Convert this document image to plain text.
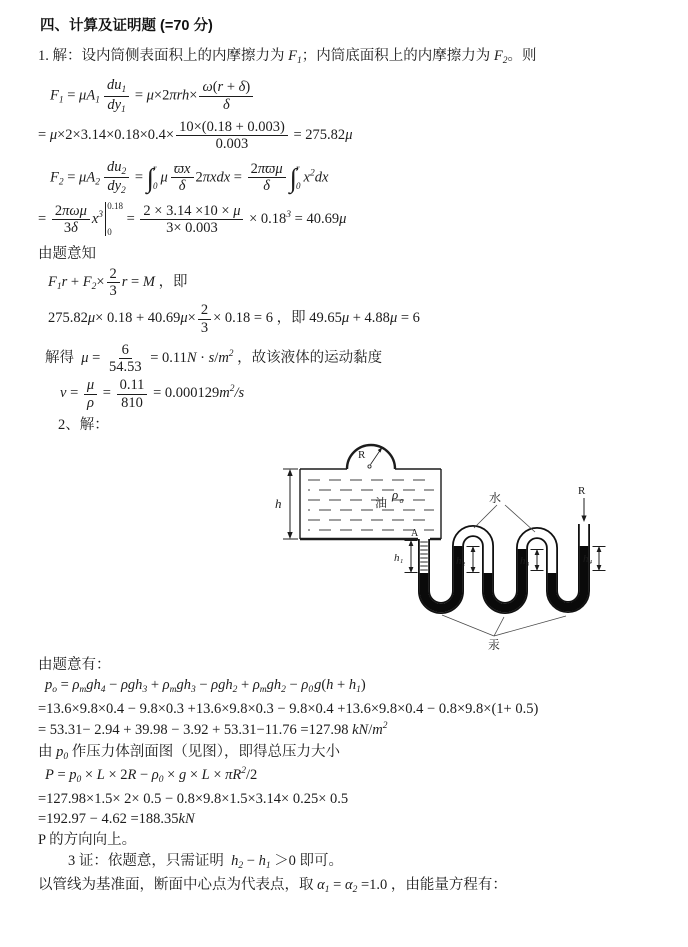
四、计算及证明题 (=70 分)
1. 解：设内筒侧表面积上的内摩擦力为 $F_1$；内筒底面积上的内摩擦力为 $F_2$。则
$F_1 = \mu A_1 \frac{du_1}{dy_1} = \mu\times 2\pi rh\times \frac{\omega(r + \delta)}{\delta}$
= $\mu\times 2\times 3.14\times 0.18\times 0.4\times \frac{10\times(0.18 + 0.003)}{0.003} = 275.82\mu$
$F_2 = \mu A_2 \frac{du_2}{dy_2}$ = ∫ r
0
μ $\frac{ϖx}{\delta} 2\pi xdx = \frac{\text{2πϖμ}}{\delta}$ ∫ r
0
$x^2dx$
= $\frac{\text{2πωμ}}{3\delta} x^3$
0.18
0
= $\frac{2 \times 3.14 \times 10 \times \mu}{3\times 0.003} \times 0.18^3 = 40.69\mu$
由题意知
$F_1r + F_2\times \frac{2}{3}$ r = M ，即
$275.82\mu\times 0.18 + 40.69\mu\times \frac{2}{3} \times 0.18 = 6$ ，即 49.65μ + 4.88μ = 6
解得  $\mu = \frac{6}{54.53} = 0.11N \cdot s/m^2$ ，故该液体的运动黏度
$\nu = \frac{\mu}{\rho} = \frac{0.11}{810} = 0.000129m^2/s$
2、解：
h
R
油
ρ o
A
h₁	h₂	h₃	h₄
水
汞
R
由题意有：
$p_o = \rho_mgh_4 - \rho gh_3 + \rho_mgh_3 - \rho gh_2 + \rho_mgh_2 - \rho_0g(h + h_1)$
=13.6×9.8×0.4 − 9.8×0.3 +13.6×9.8×0.3 − 9.8×0.4 +13.6×9.8×0.4 − 0.8×9.8×(1+ 0.5)
= 53.31− 2.94 + 39.98 − 3.92 + 53.31−11.76 =127.98 $kN/m^2$
由 $p_0$ 作压力体剖面图（见图），即得总压力大小
$P = p_0 \times L \times 2R - \rho_0 \times g \times L \times \pi R^2/2$
=127.98×1.5× 2× 0.5 − 0.8×9.8×1.5×3.14× 0.25× 0.5
=192.97 − 4.62 =188.35kN
P 的方向向上。
3 证：依题意，只需证明  $h_2 - h_1 >0$ 即可。
以管线为基准面，断面中心点为代表点，取 $\alpha_1 = \alpha_2 =1.0$ ，由能量方程有：
